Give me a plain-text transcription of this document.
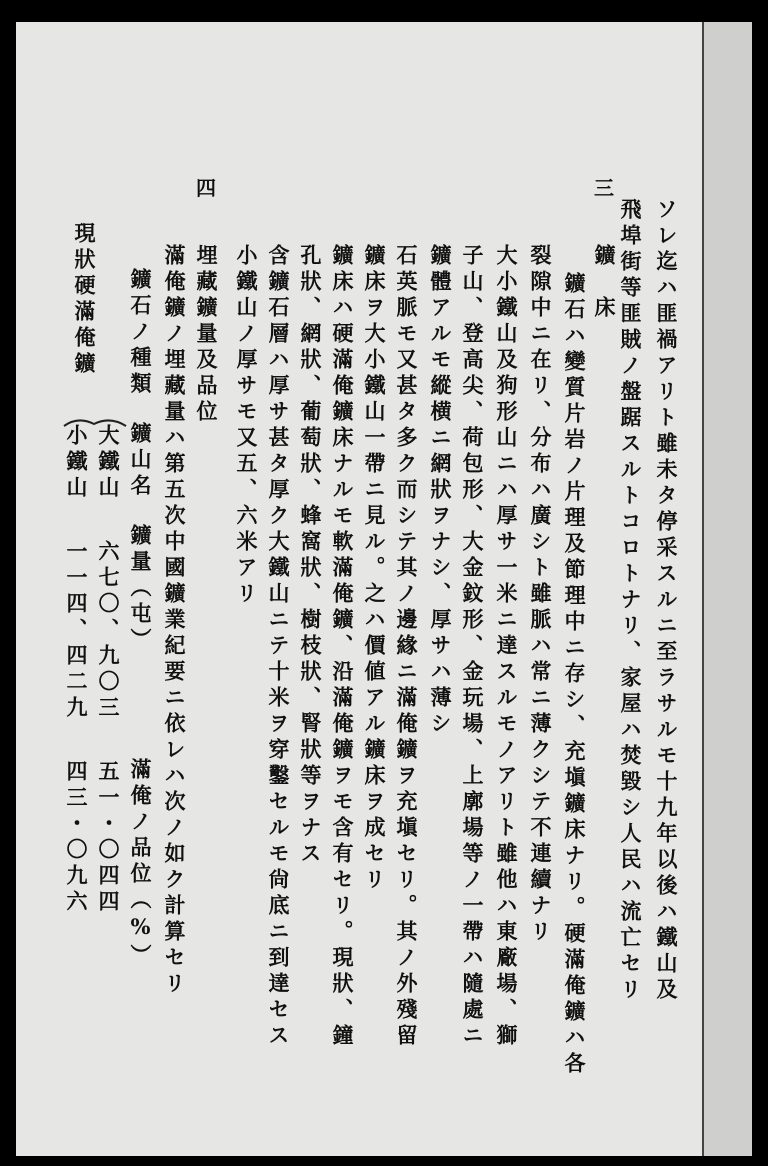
ソレ迄ハ匪禍アリト雖未タ停采スルニ至ラサルモ十九年以後ハ鐵山及
飛埠街等匪賊ノ盤踞スルトコロトナリ、家屋ハ焚毀シ人民ハ流亡セリ
三
鑛　床
鑛石ハ變質片岩ノ片理及節理中ニ存シ、充塡鑛床ナリ。硬滿俺鑛ハ各
裂隙中ニ在リ、分布ハ廣シト雖脈ハ常ニ薄クシテ不連續ナリ
大小鐵山及狗形山ニハ厚サ一米ニ達スルモノアリト雖他ハ東廠場、獅
子山、登高尖、荷包形、大金鈫形、金玩場、上廓場等ノ一帶ハ隨處ニ
鑛體アルモ縱横ニ網狀ヲナシ、厚サハ薄シ
石英脈モ又甚タ多ク而シテ其ノ邊緣ニ滿俺鑛ヲ充塡セリ。其ノ外殘留
鑛床ヲ大小鐵山一帶ニ見ル。之ハ價値アル鑛床ヲ成セリ
鑛床ハ硬滿俺鑛床ナルモ軟滿俺鑛、沿滿俺鑛ヲモ含有セリ。現狀、鐘
孔狀、網狀、葡萄狀、蜂窩狀、樹枝狀、腎狀等ヲナス
含鑛石層ハ厚サ甚タ厚ク大鐵山ニテ十米ヲ穿鑿セルモ尙底ニ到達セス
小鐵山ノ厚サモ又五、六米アリ
四
埋藏鑛量及品位
滿俺鑛ノ埋藏量ハ第五次中國鑛業紀要ニ依レハ次ノ如ク計算セリ
鑛石ノ種類
鑛山名
鑛量（屯）
滿俺ノ品位（%）
現狀硬滿俺鑛
大鐵山
六七〇、九〇三
五一・〇四四
小鐵山
一一四、四二九
四三・〇九六
